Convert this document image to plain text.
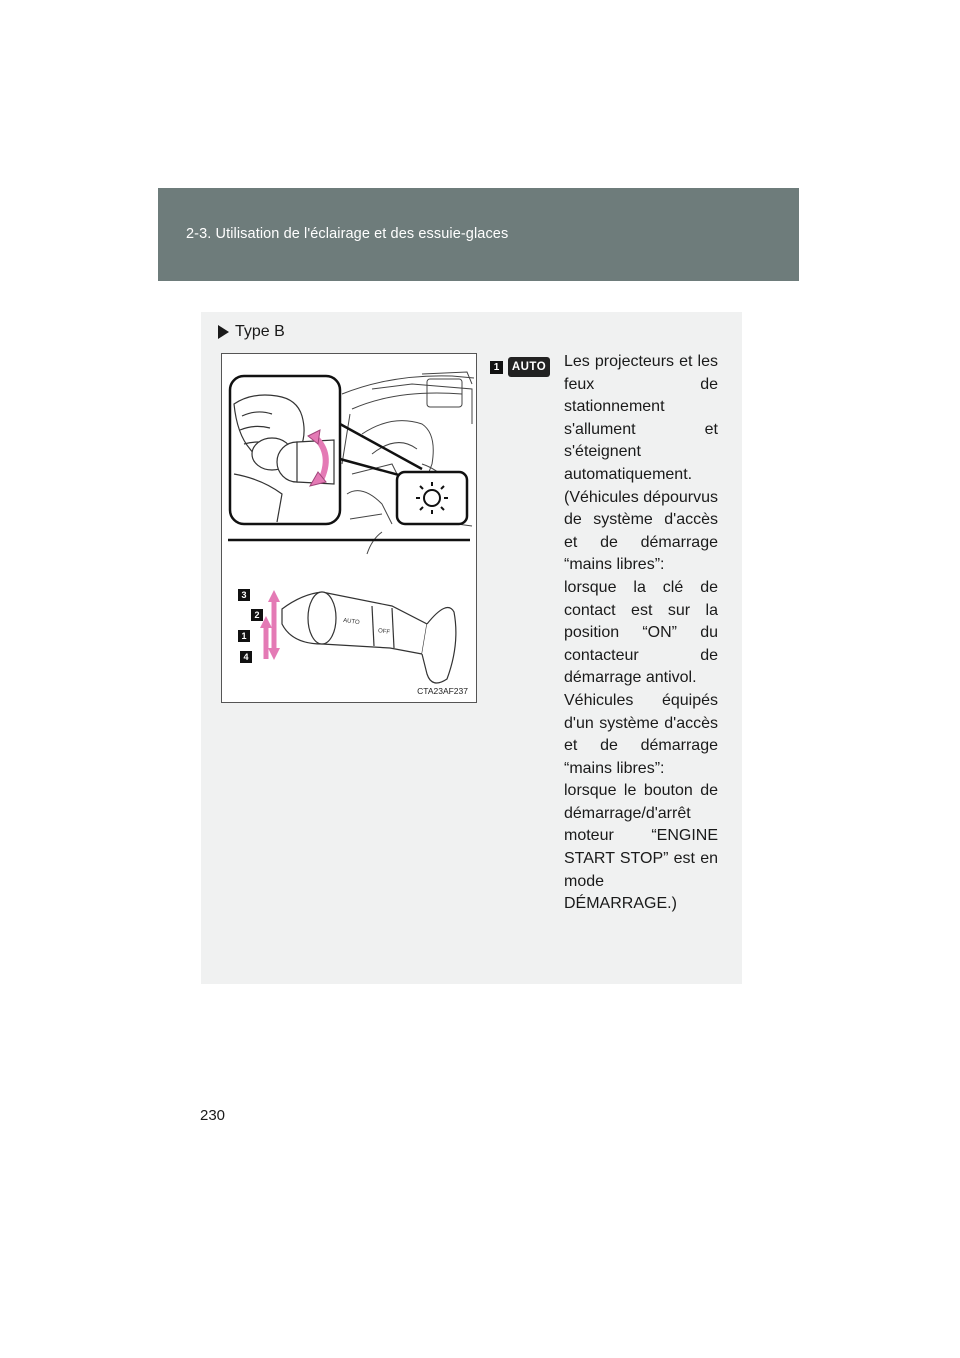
2-3. Utilisation de l'éclairage et des essuie-glaces
Type B
3
2
1
4
AUTO
OFF
CTA23AF237
1	AUTO Les projecteurs et les feux de stationnement s'allument et s'éteignent automatiquement.

(Véhicules dépourvus de système d'accès et de démarrage “mains libres”:

lorsque la clé de contact est sur la position “ON” du contacteur de démarrage antivol.

Véhicules équipés d'un système d'accès et de démarrage “mains libres”:

lorsque le bouton de démarrage/d'arrêt moteur “ENGINE START STOP” est en mode DÉMARRAGE.)

230
